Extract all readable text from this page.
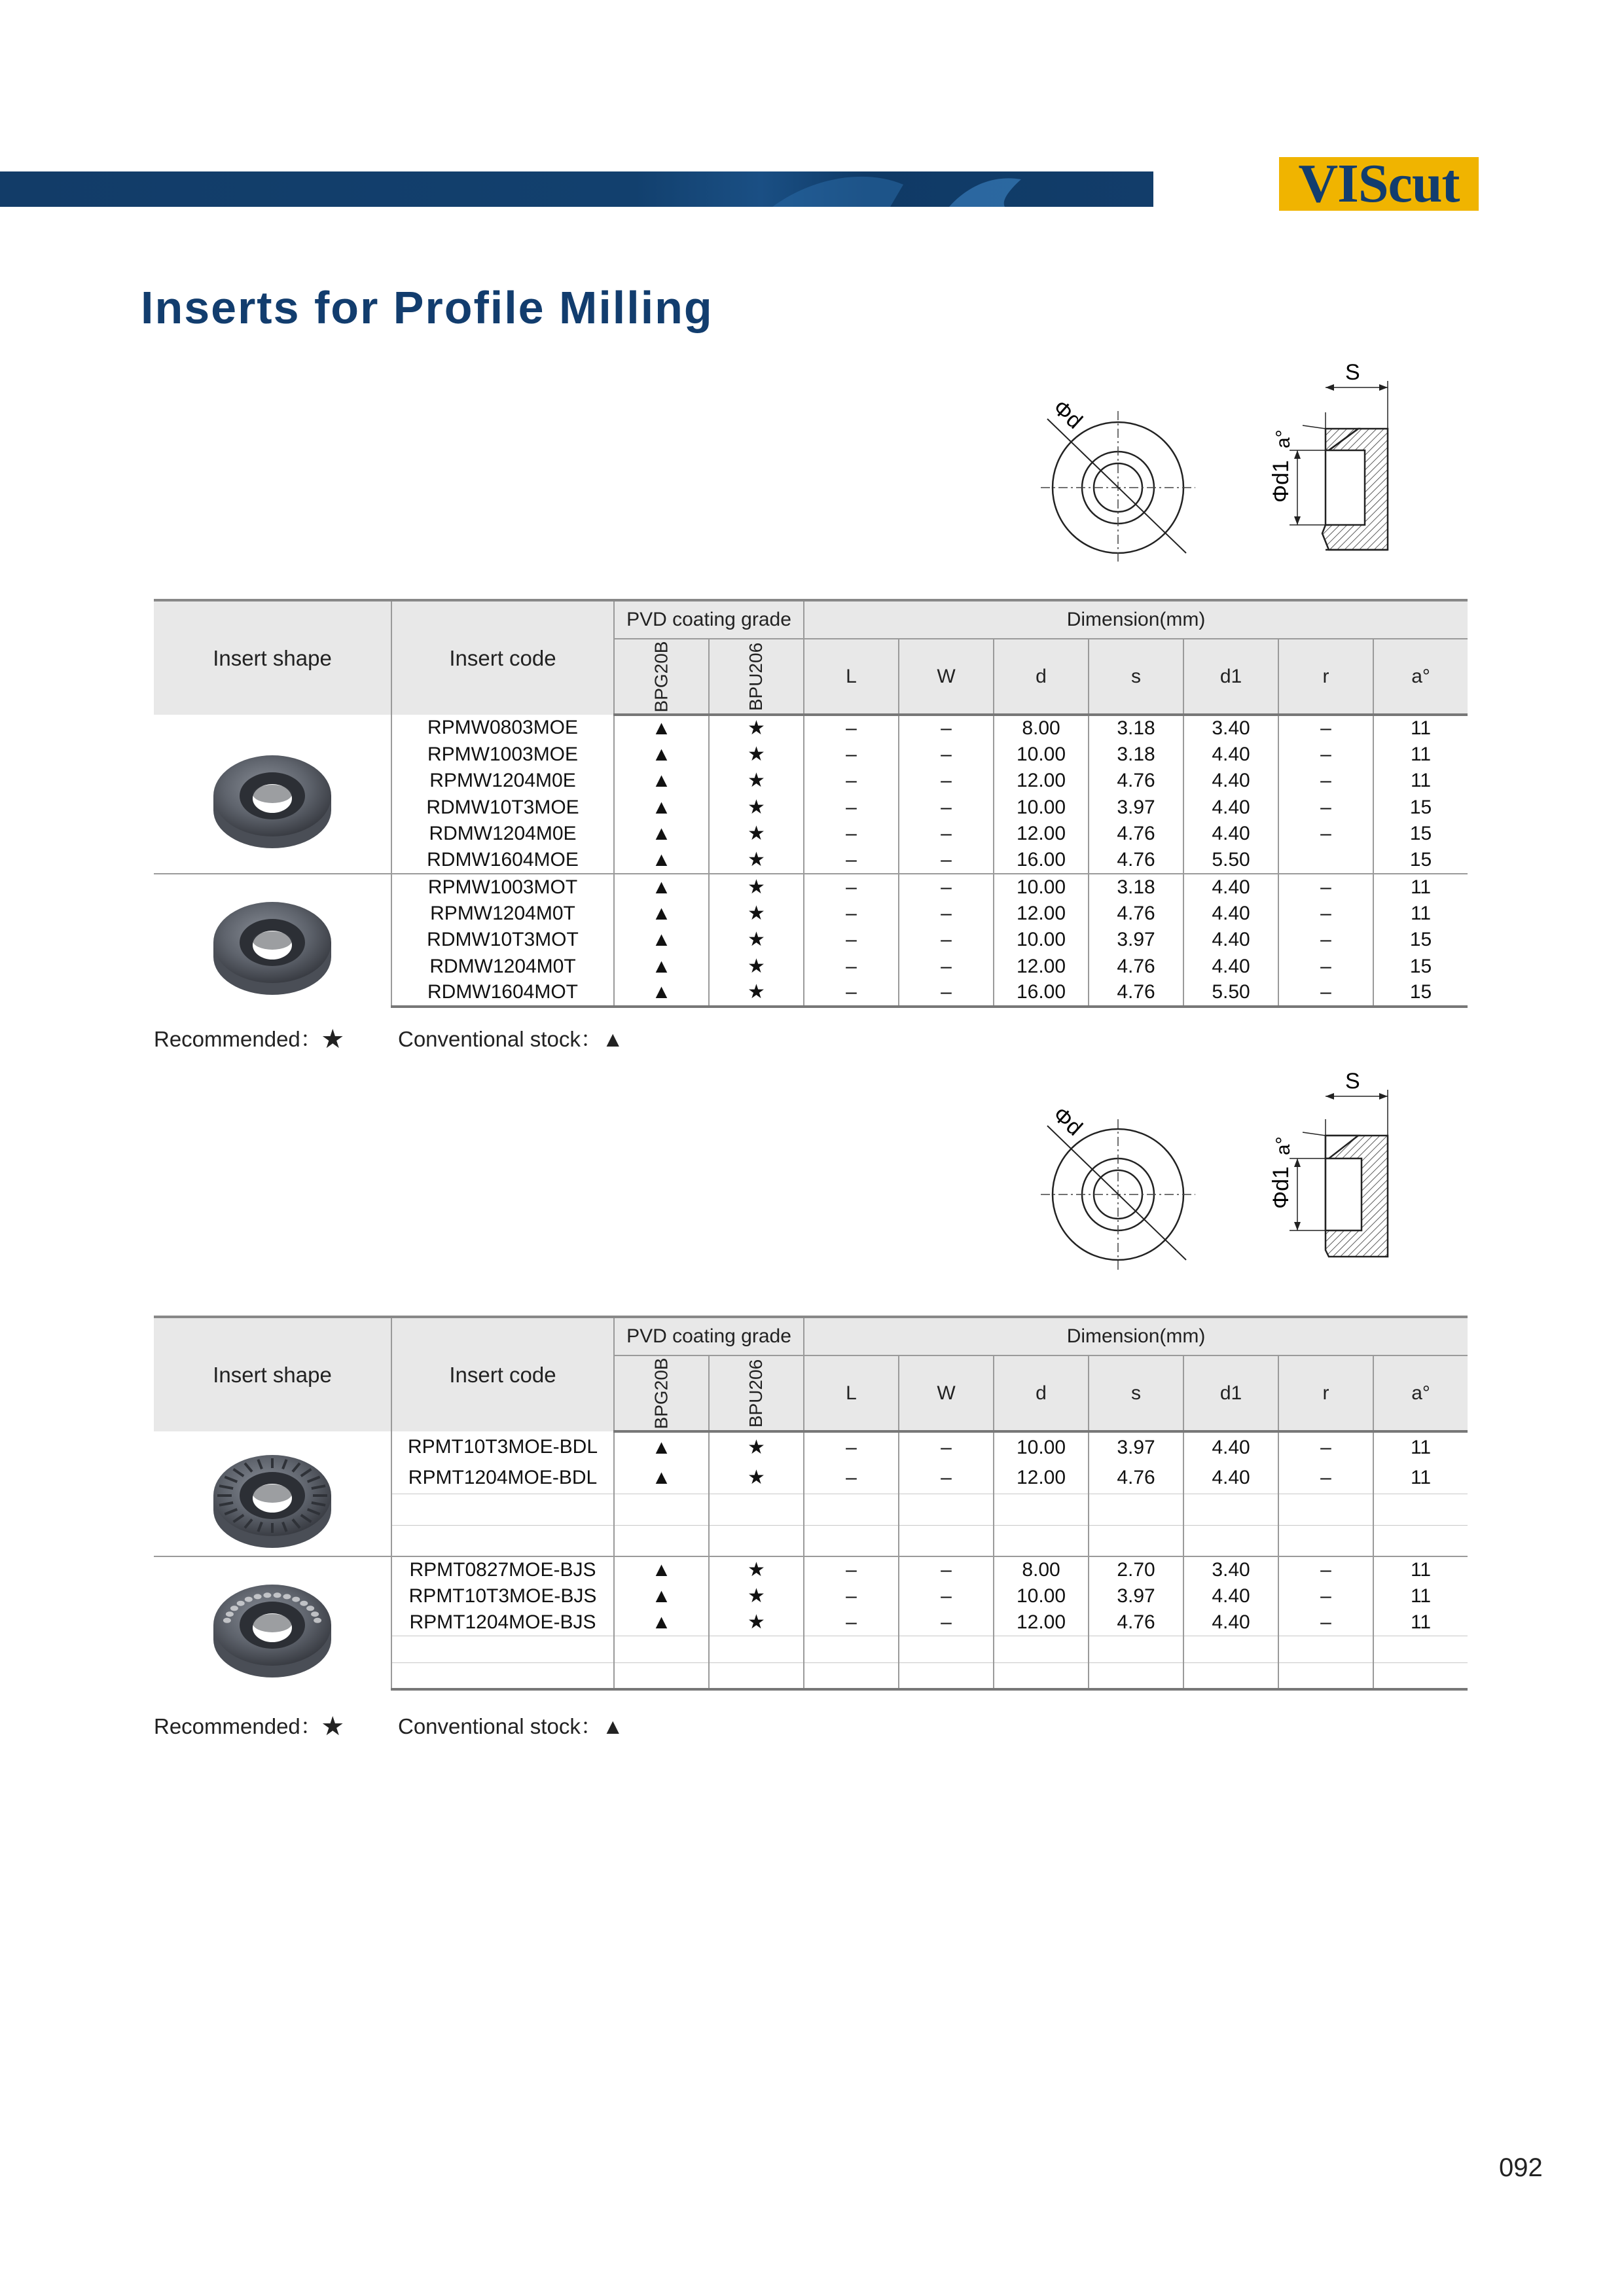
VIScut
Inserts for Profile Milling
Φd
S
Φd1
a°
Insert shape	Insert code	PVD coating grade		Dimension(mm)						
		BPG20B	BPU206	L	W	d	s	d1	r	a°

	RPMW0803MOE	▲	★	–	–	8.00	3.18	3.40	–	11
	RPMW1003MOE	▲	★	–	–	10.00	3.18	4.40	–	11
	RPMW1204M0E	▲	★	–	–	12.00	4.76	4.40	–	11
	RDMW10T3MOE	▲	★	–	–	10.00	3.97	4.40	–	15
	RDMW1204M0E	▲	★	–	–	12.00	4.76	4.40	–	15
	RDMW1604MOE	▲	★	–	–	16.00	4.76	5.50		15

	RPMW1003MOT	▲	★	–	–	10.00	3.18	4.40	–	11
	RPMW1204M0T	▲	★	–	–	12.00	4.76	4.40	–	11
	RDMW10T3MOT	▲	★	–	–	10.00	3.97	4.40	–	15
	RDMW1204M0T	▲	★	–	–	12.00	4.76	4.40	–	15
	RDMW1604MOT	▲	★	–	–	16.00	4.76	5.50	–	15
Recommended：★	Conventional stock：▲
Φd
S
Φd1
a°
Insert shape	Insert code	PVD coating grade		Dimension(mm)						
		BPG20B	BPU206	L	W	d	s	d1	r	a°

	RPMT10T3MOE-BDL	▲	★	–	–	10.00	3.97	4.40	–	11
	RPMT1204MOE-BDL	▲	★	–	–	12.00	4.76	4.40	–	11

	RPMT0827MOE-BJS	▲	★	–	–	8.00	2.70	3.40	–	11
	RPMT10T3MOE-BJS	▲	★	–	–	10.00	3.97	4.40	–	11
	RPMT1204MOE-BJS	▲	★	–	–	12.00	4.76	4.40	–	11

Recommended：★	Conventional stock：▲
092
